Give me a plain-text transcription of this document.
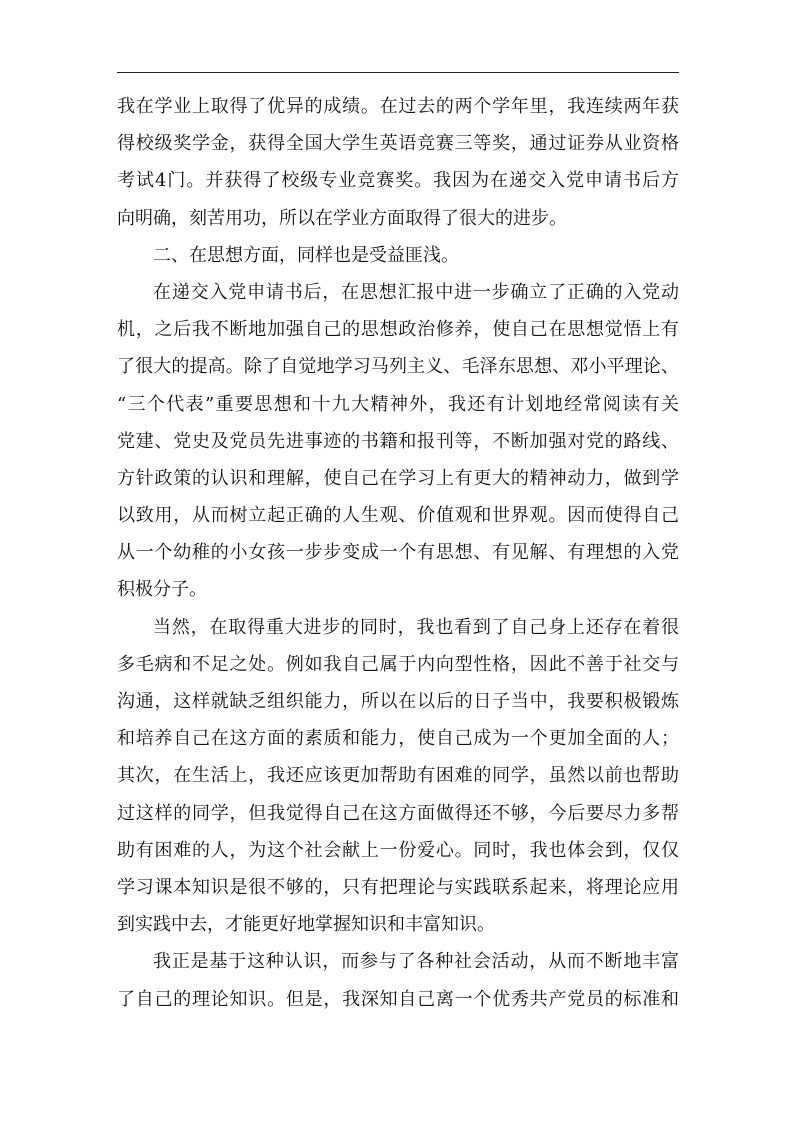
我在学业上取得了优异的成绩。在过去的两个学年里，我连续两年获
得校级奖学金，获得全国大学生英语竞赛三等奖，通过证券从业资格
考试4门。并获得了校级专业竞赛奖。我因为在递交入党申请书后方
向明确，刻苦用功，所以在学业方面取得了很大的进步。
二、在思想方面，同样也是受益匪浅。
在递交入党申请书后，在思想汇报中进一步确立了正确的入党动
机，之后我不断地加强自己的思想政治修养，使自己在思想觉悟上有
了很大的提高。除了自觉地学习马列主义、毛泽东思想、邓小平理论、
“三个代表”重要思想和十九大精神外，我还有计划地经常阅读有关
党建、党史及党员先进事迹的书籍和报刊等，不断加强对党的路线、
方针政策的认识和理解，使自己在学习上有更大的精神动力，做到学
以致用，从而树立起正确的人生观、价值观和世界观。因而使得自己
从一个幼稚的小女孩一步步变成一个有思想、有见解、有理想的入党
积极分子。
当然，在取得重大进步的同时，我也看到了自己身上还存在着很
多毛病和不足之处。例如我自己属于内向型性格，因此不善于社交与
沟通，这样就缺乏组织能力，所以在以后的日子当中，我要积极锻炼
和培养自己在这方面的素质和能力，使自己成为一个更加全面的人；
其次，在生活上，我还应该更加帮助有困难的同学，虽然以前也帮助
过这样的同学，但我觉得自己在这方面做得还不够，今后要尽力多帮
助有困难的人，为这个社会献上一份爱心。同时，我也体会到，仅仅
学习课本知识是很不够的，只有把理论与实践联系起来，将理论应用
到实践中去，才能更好地掌握知识和丰富知识。
我正是基于这种认识，而参与了各种社会活动，从而不断地丰富
了自己的理论知识。但是，我深知自己离一个优秀共产党员的标准和
